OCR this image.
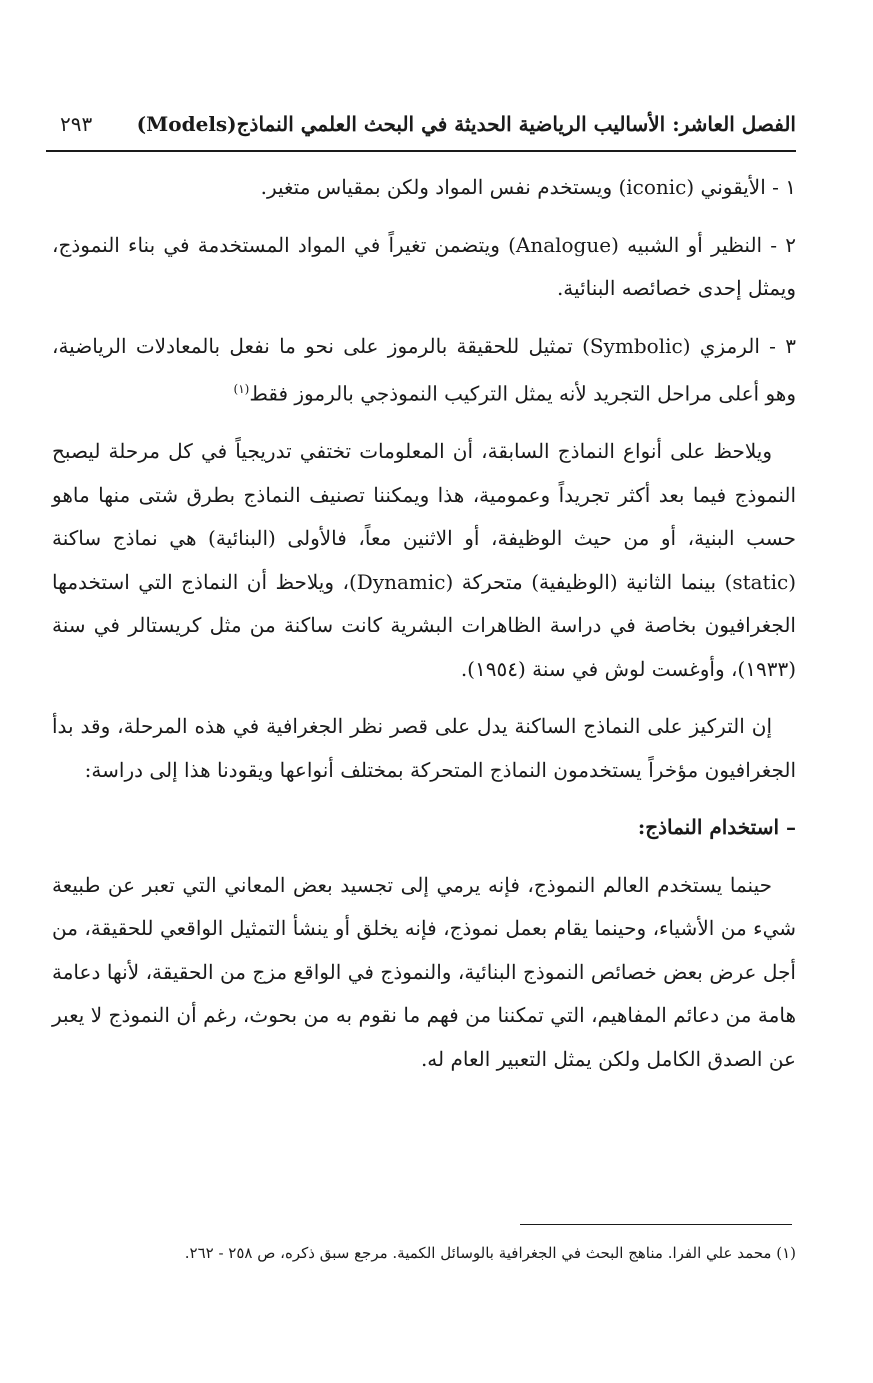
الفصل العاشر: الأساليب الرياضية الحديثة في البحث العلمي النماذج(Models)
٢٩٣

١ - الأيقوني (iconic) ويستخدم نفس المواد ولكن بمقياس متغير.

٢ - النظير أو الشبيه (Analogue) ويتضمن تغيراً في المواد المستخدمة في بناء النموذج، ويمثل إحدى خصائصه البنائية.

٣ - الرمزي (Symbolic) تمثيل للحقيقة بالرموز على نحو ما نفعل بالمعادلات الرياضية، وهو أعلى مراحل التجريد لأنه يمثل التركيب النموذجي بالرموز فقط$^{(١)}$

ويلاحظ على أنواع النماذج السابقة، أن المعلومات تختفي تدريجياً في كل مرحلة ليصبح النموذج فيما بعد أكثر تجريداً وعمومية، هذا ويمكننا تصنيف النماذج بطرق شتى منها ماهو حسب البنية، أو من حيث الوظيفة، أو الاثنين معاً، فالأولى (البنائية) هي نماذج ساكنة (static) بينما الثانية (الوظيفية) متحركة (Dynamic)، ويلاحظ أن النماذج التي استخدمها الجغرافيون بخاصة في دراسة الظاهرات البشرية كانت ساكنة من مثل كريستالر في سنة (١٩٣٣)، وأوغست لوش في سنة (١٩٥٤).

إن التركيز على النماذج الساكنة يدل على قصر نظر الجغرافية في هذه المرحلة، وقد بدأ الجغرافيون مؤخراً يستخدمون النماذج المتحركة بمختلف أنواعها ويقودنا هذا إلى دراسة:

– استخدام النماذج:

حينما يستخدم العالم النموذج، فإنه يرمي إلى تجسيد بعض المعاني التي تعبر عن طبيعة شيء من الأشياء، وحينما يقام بعمل نموذج، فإنه يخلق أو ينشأ التمثيل الواقعي للحقيقة، من أجل عرض بعض خصائص النموذج البنائية، والنموذج في الواقع مزج من الحقيقة، لأنها دعامة هامة من دعائم المفاهيم، التي تمكننا من فهم ما نقوم به من بحوث، رغم أن النموذج لا يعبر عن الصدق الكامل ولكن يمثل التعبير العام له.

(١) محمد علي الفرا. مناهج البحث في الجغرافية بالوسائل الكمية. مرجع سبق ذكره، ص ٢٥٨ - ٢٦٢.
